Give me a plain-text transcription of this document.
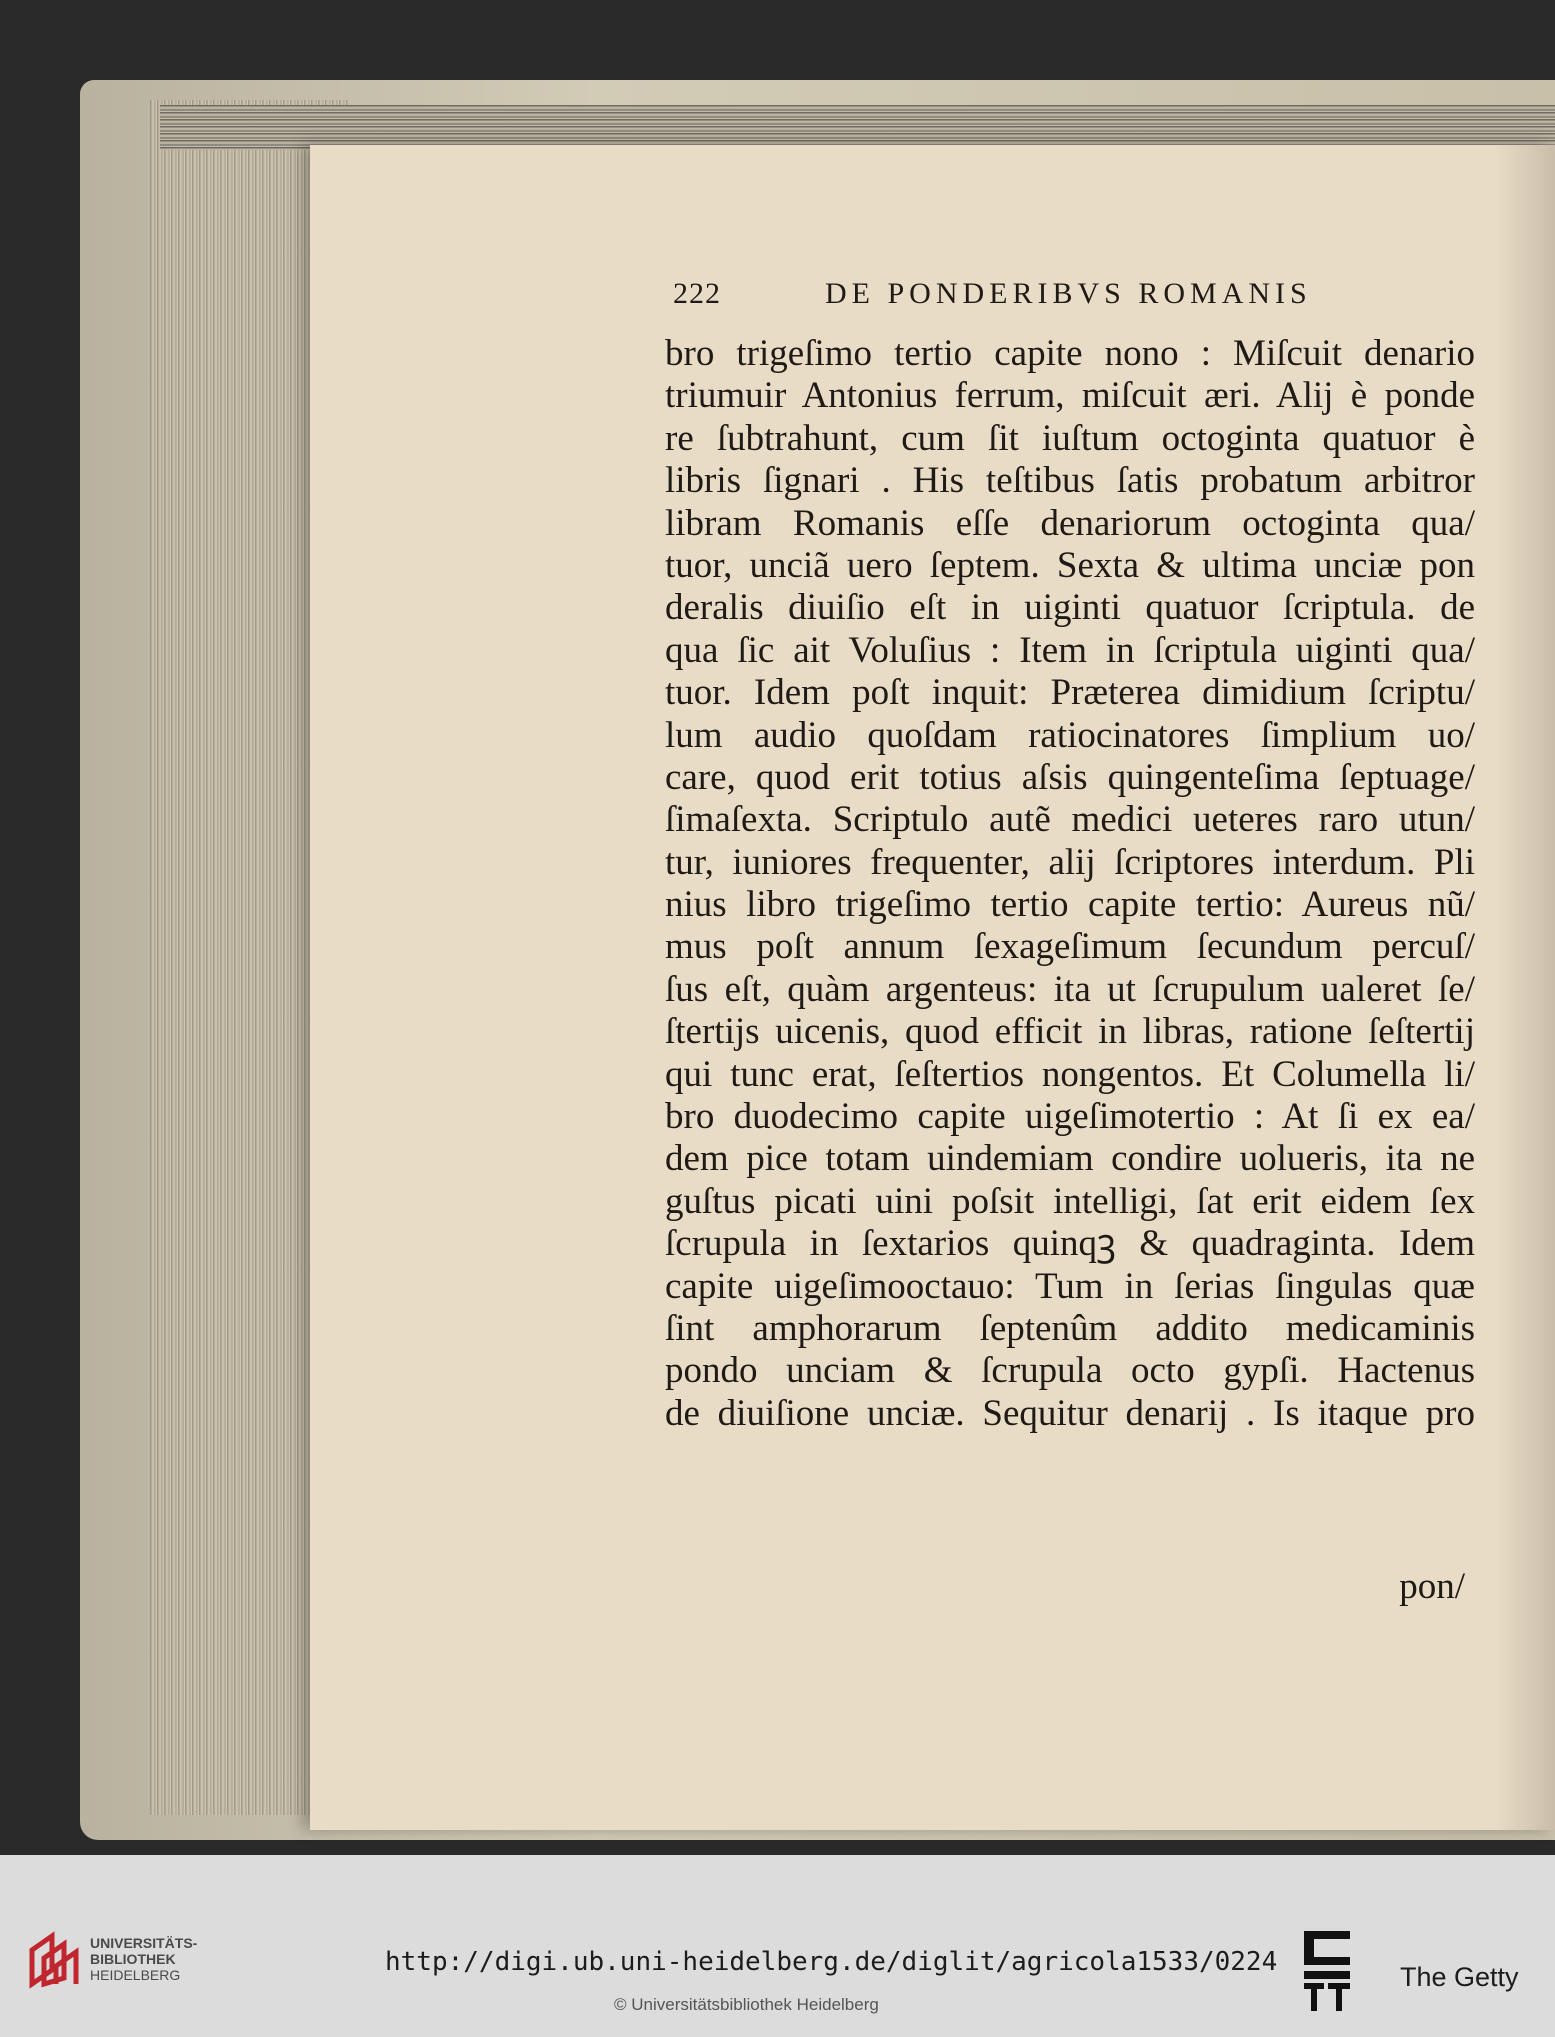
222	DE PONDERIBVS ROMANIS
bro trigeſimo tertio capite nono : Miſcuit denario
triumuir Antonius ferrum, miſcuit æri. Alij è ponde
re ſubtrahunt, cum ſit iuſtum octoginta quatuor è
libris ſignari . His teſtibus ſatis probatum arbitror
libram Romanis eſſe denariorum octoginta qua/
tuor, unciã uero ſeptem. Sexta & ultima unciæ pon
deralis diuiſio eſt in uiginti quatuor ſcriptula. de
qua ſic ait Voluſius : Item in ſcriptula uiginti qua/
tuor. Idem poſt inquit: Præterea dimidium ſcriptu/
lum audio quoſdam ratiocinatores ſimplium uo/
care, quod erit totius aſsis quingenteſima ſeptuage/
ſimaſexta. Scriptulo autẽ medici ueteres raro utun/
tur, iuniores frequenter, alij ſcriptores interdum. Pli
nius libro trigeſimo tertio capite tertio: Aureus nũ/
mus poſt annum ſexageſimum ſecundum percuſ/
ſus eſt, quàm argenteus: ita ut ſcrupulum ualeret ſe/
ſtertijs uicenis, quod efficit in libras, ratione ſeſtertij
qui tunc erat, ſeſtertios nongentos. Et Columella li/
bro duodecimo capite uigeſimotertio : At ſi ex ea/
dem pice totam uindemiam condire uolueris, ita ne
guſtus picati uini poſsit intelligi, ſat erit eidem ſex
ſcrupula in ſextarios quinqꝫ & quadraginta. Idem
capite uigeſimooctauo: Tum in ſerias ſingulas quæ
ſint amphorarum ſeptenûm addito medicaminis
pondo unciam & ſcrupula octo gypſi. Hactenus
de diuiſione unciæ. Sequitur denarij . Is itaque pro
pon/
UNIVERSITÄTS-
BIBLIOTHEK
HEIDELBERG	http://digi.ub.uni-heidelberg.de/diglit/agricola1533/0224
© Universitätsbibliothek Heidelberg
The Getty
